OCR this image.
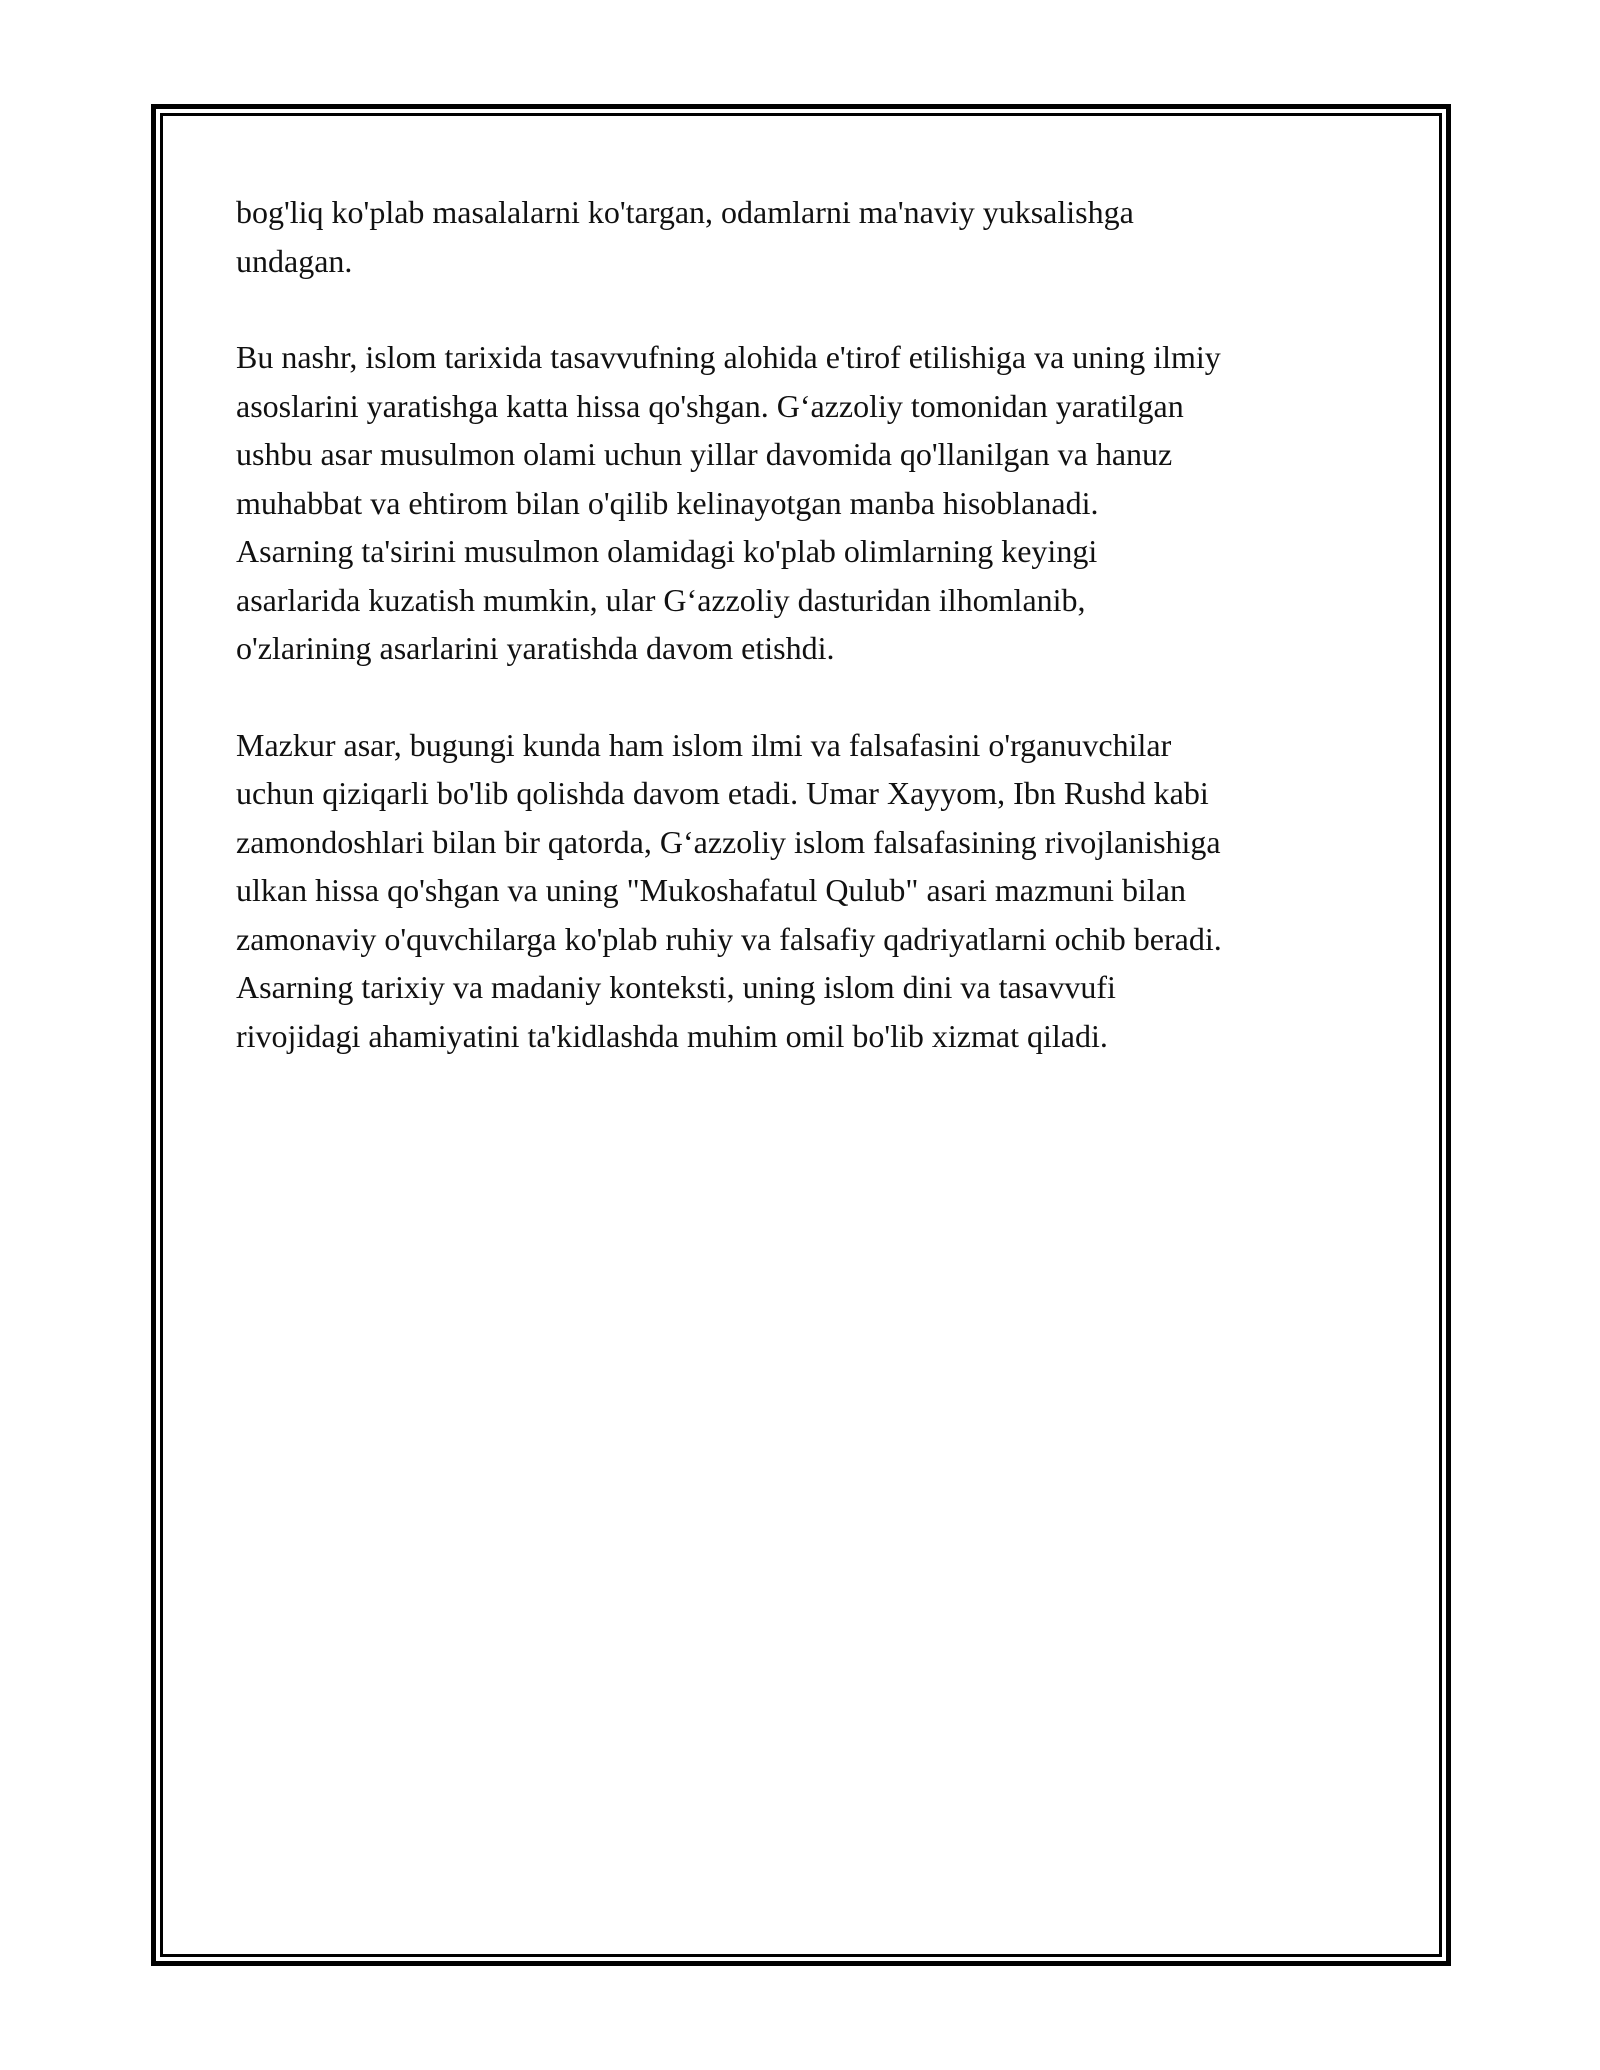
bog'liq ko'plab masalalarni ko'targan, odamlarni ma'naviy yuksalishga
undagan.

Bu nashr, islom tarixida tasavvufning alohida e'tirof etilishiga va uning ilmiy
asoslarini yaratishga katta hissa qo'shgan. G‘azzoliy tomonidan yaratilgan
ushbu asar musulmon olami uchun yillar davomida qo'llanilgan va hanuz
muhabbat va ehtirom bilan o'qilib kelinayotgan manba hisoblanadi.
Asarning ta'sirini musulmon olamidagi ko'plab olimlarning keyingi
asarlarida kuzatish mumkin, ular G‘azzoliy dasturidan ilhomlanib,
o'zlarining asarlarini yaratishda davom etishdi.

Mazkur asar, bugungi kunda ham islom ilmi va falsafasini o'rganuvchilar
uchun qiziqarli bo'lib qolishda davom etadi. Umar Xayyom, Ibn Rushd kabi
zamondoshlari bilan bir qatorda, G‘azzoliy islom falsafasining rivojlanishiga
ulkan hissa qo'shgan va uning "Mukoshafatul Qulub" asari mazmuni bilan
zamonaviy o'quvchilarga ko'plab ruhiy va falsafiy qadriyatlarni ochib beradi.
Asarning tarixiy va madaniy konteksti, uning islom dini va tasavvufi
rivojidagi ahamiyatini ta'kidlashda muhim omil bo'lib xizmat qiladi.
